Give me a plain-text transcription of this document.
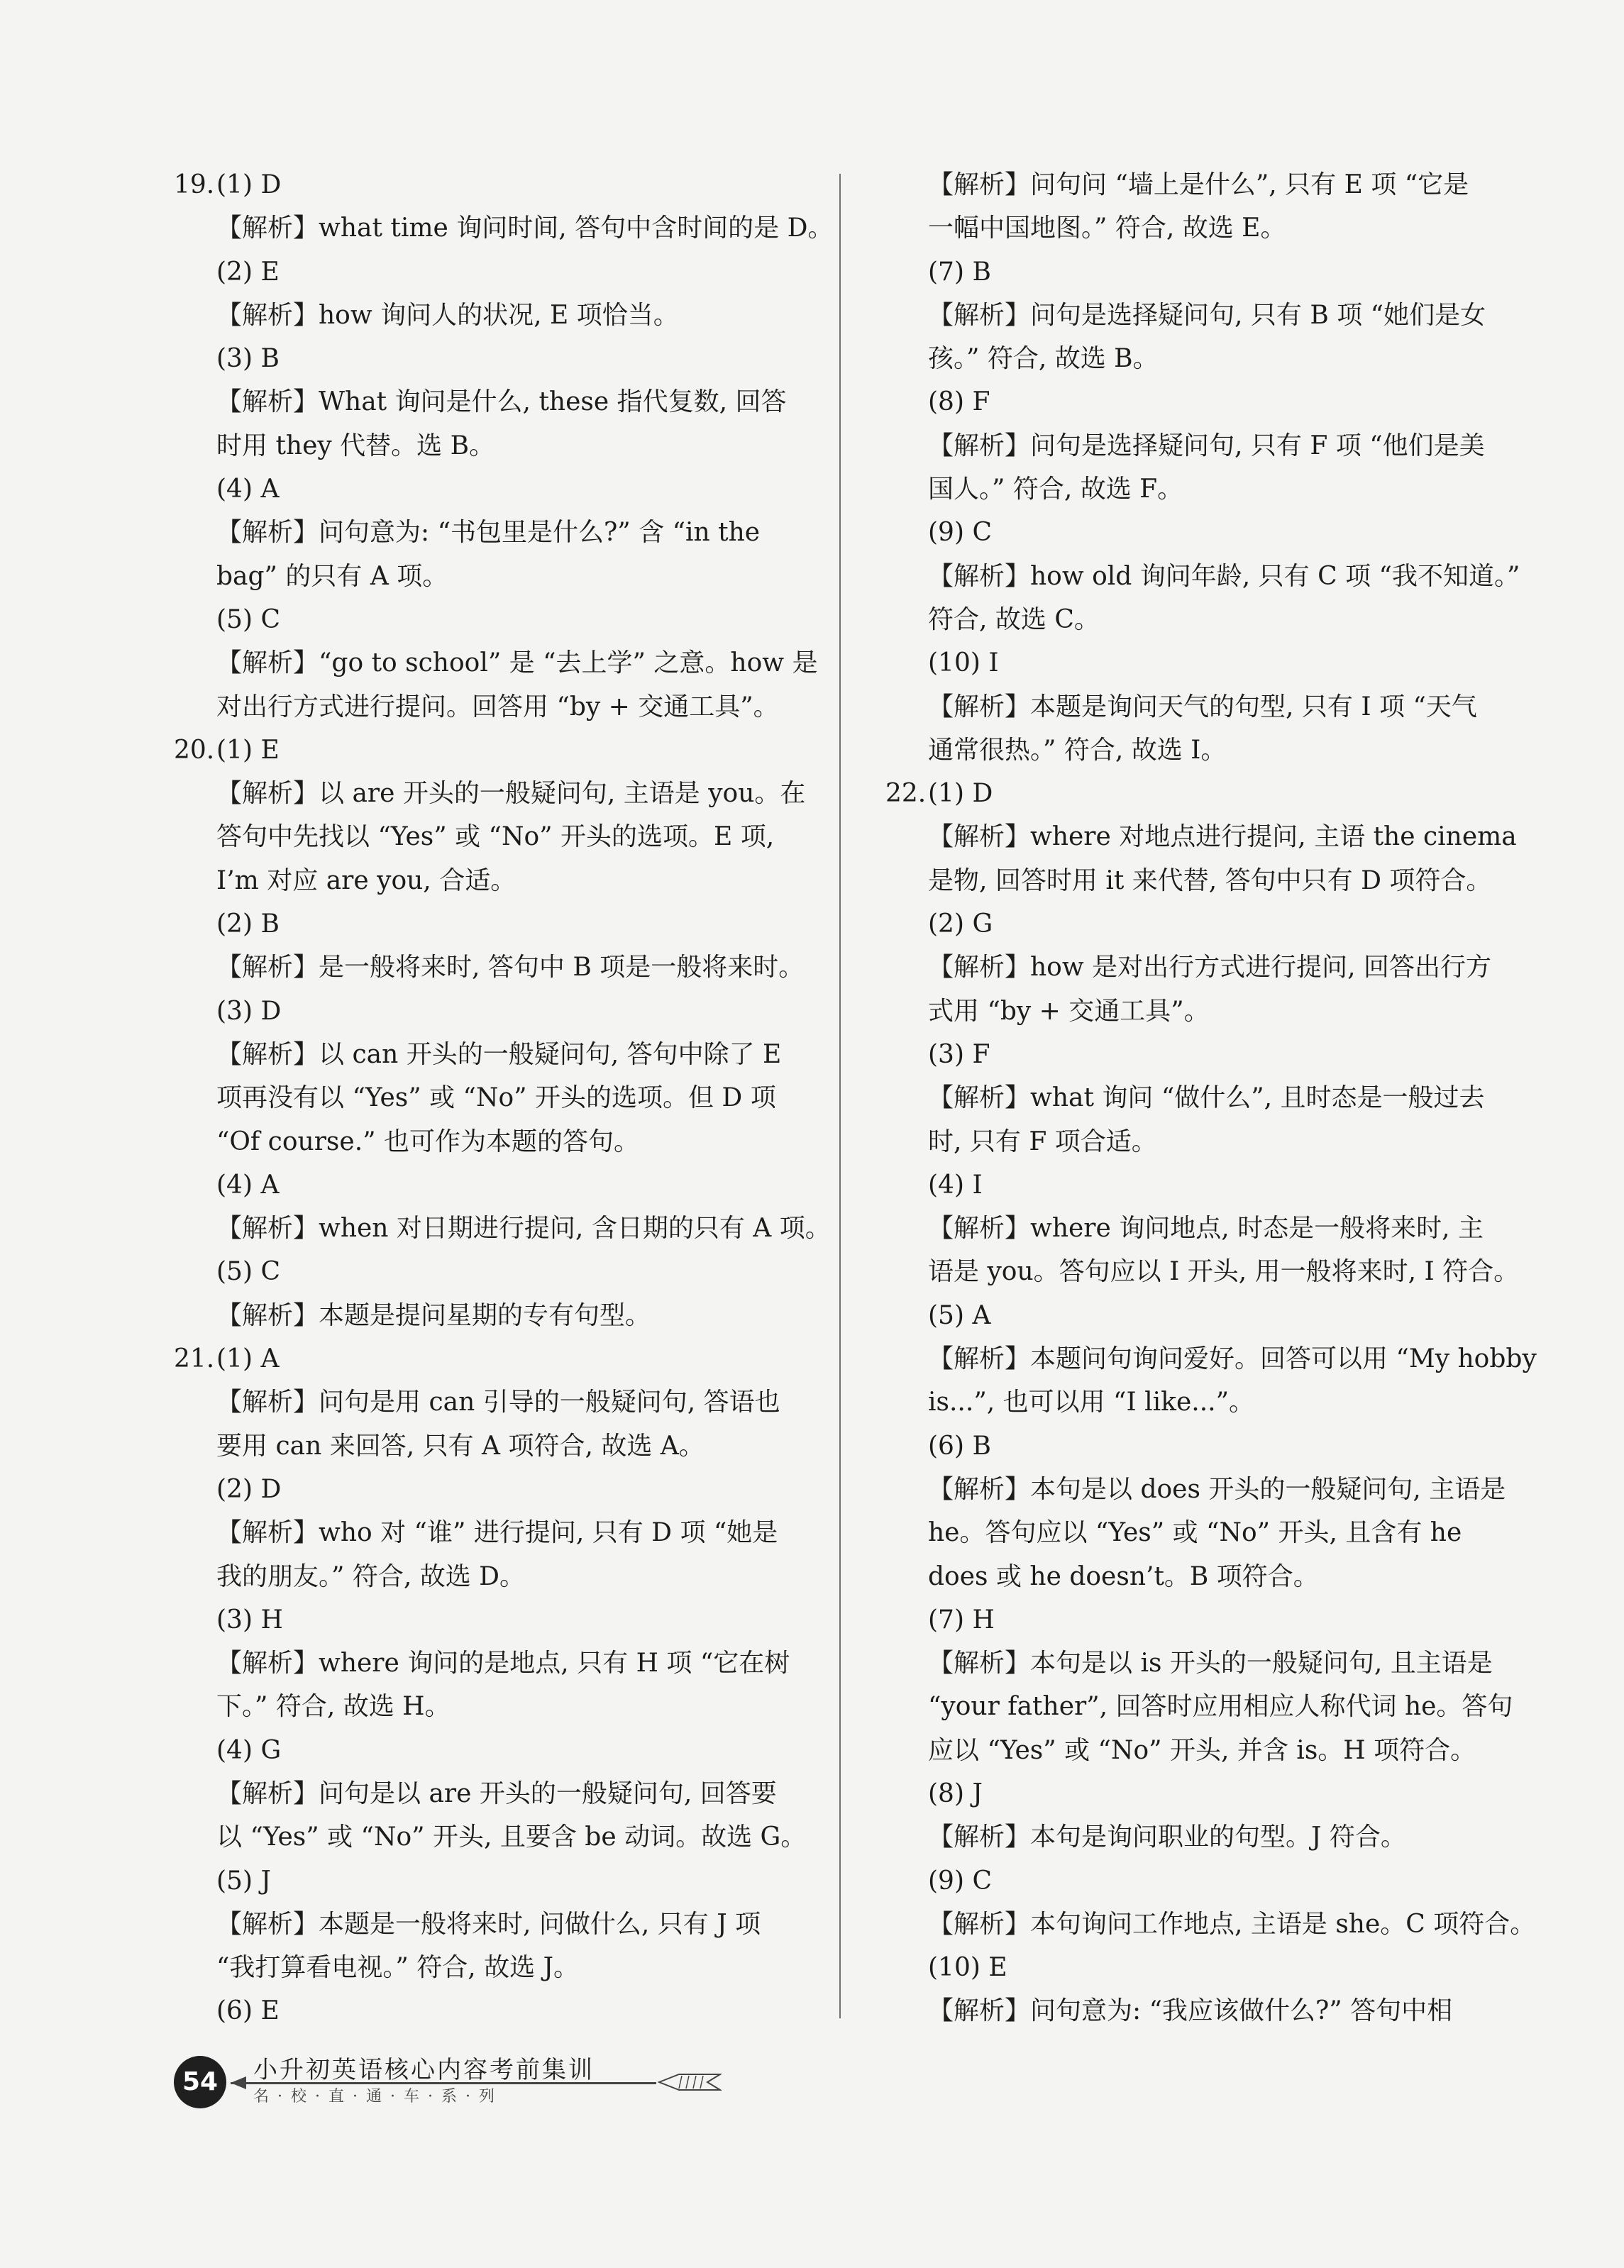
19.(1) D
【解析】what time 询问时间, 答句中含时间的是 D。
(2) E
【解析】how 询问人的状况, E 项恰当。
(3) B
【解析】What 询问是什么, these 指代复数, 回答
时用 they 代替。选 B。
(4) A
【解析】问句意为: “书包里是什么?” 含 “in the
bag” 的只有 A 项。
(5) C
【解析】“go to school” 是 “去上学” 之意。how 是
对出行方式进行提问。回答用 “by + 交通工具”。
20.(1) E
【解析】以 are 开头的一般疑问句, 主语是 you。在
答句中先找以 “Yes” 或 “No” 开头的选项。E 项,
I’m 对应 are you, 合适。
(2) B
【解析】是一般将来时, 答句中 B 项是一般将来时。
(3) D
【解析】以 can 开头的一般疑问句, 答句中除了 E
项再没有以 “Yes” 或 “No” 开头的选项。但 D 项
“Of course.” 也可作为本题的答句。
(4) A
【解析】when 对日期进行提问, 含日期的只有 A 项。
(5) C
【解析】本题是提问星期的专有句型。
21.(1) A
【解析】问句是用 can 引导的一般疑问句, 答语也
要用 can 来回答, 只有 A 项符合, 故选 A。
(2) D
【解析】who 对 “谁” 进行提问, 只有 D 项 “她是
我的朋友。” 符合, 故选 D。
(3) H
【解析】where 询问的是地点, 只有 H 项 “它在树
下。” 符合, 故选 H。
(4) G
【解析】问句是以 are 开头的一般疑问句, 回答要
以 “Yes” 或 “No” 开头, 且要含 be 动词。故选 G。
(5) J
【解析】本题是一般将来时, 问做什么, 只有 J 项
“我打算看电视。” 符合, 故选 J。
(6) E
【解析】问句问 “墙上是什么”, 只有 E 项 “它是
一幅中国地图。” 符合, 故选 E。
(7) B
【解析】问句是选择疑问句, 只有 B 项 “她们是女
孩。” 符合, 故选 B。
(8) F
【解析】问句是选择疑问句, 只有 F 项 “他们是美
国人。” 符合, 故选 F。
(9) C
【解析】how old 询问年龄, 只有 C 项 “我不知道。”
符合, 故选 C。
(10) I
【解析】本题是询问天气的句型, 只有 I 项 “天气
通常很热。” 符合, 故选 I。
22.(1) D
【解析】where 对地点进行提问, 主语 the cinema
是物, 回答时用 it 来代替, 答句中只有 D 项符合。
(2) G
【解析】how 是对出行方式进行提问, 回答出行方
式用 “by + 交通工具”。
(3) F
【解析】what 询问 “做什么”, 且时态是一般过去
时, 只有 F 项合适。
(4) I
【解析】where 询问地点, 时态是一般将来时, 主
语是 you。答句应以 I 开头, 用一般将来时, I 符合。
(5) A
【解析】本题问句询问爱好。回答可以用 “My hobby
is...”, 也可以用 “I like...”。
(6) B
【解析】本句是以 does 开头的一般疑问句, 主语是
he。答句应以 “Yes” 或 “No” 开头, 且含有 he
does 或 he doesn’t。B 项符合。
(7) H
【解析】本句是以 is 开头的一般疑问句, 且主语是
“your father”, 回答时应用相应人称代词 he。答句
应以 “Yes” 或 “No” 开头, 并含 is。H 项符合。
(8) J
【解析】本句是询问职业的句型。J 符合。
(9) C
【解析】本句询问工作地点, 主语是 she。C 项符合。
(10) E
【解析】问句意为: “我应该做什么?” 答句中相
54	小升初英语核心内容考前集训
名·校·直·通·车·系·列
